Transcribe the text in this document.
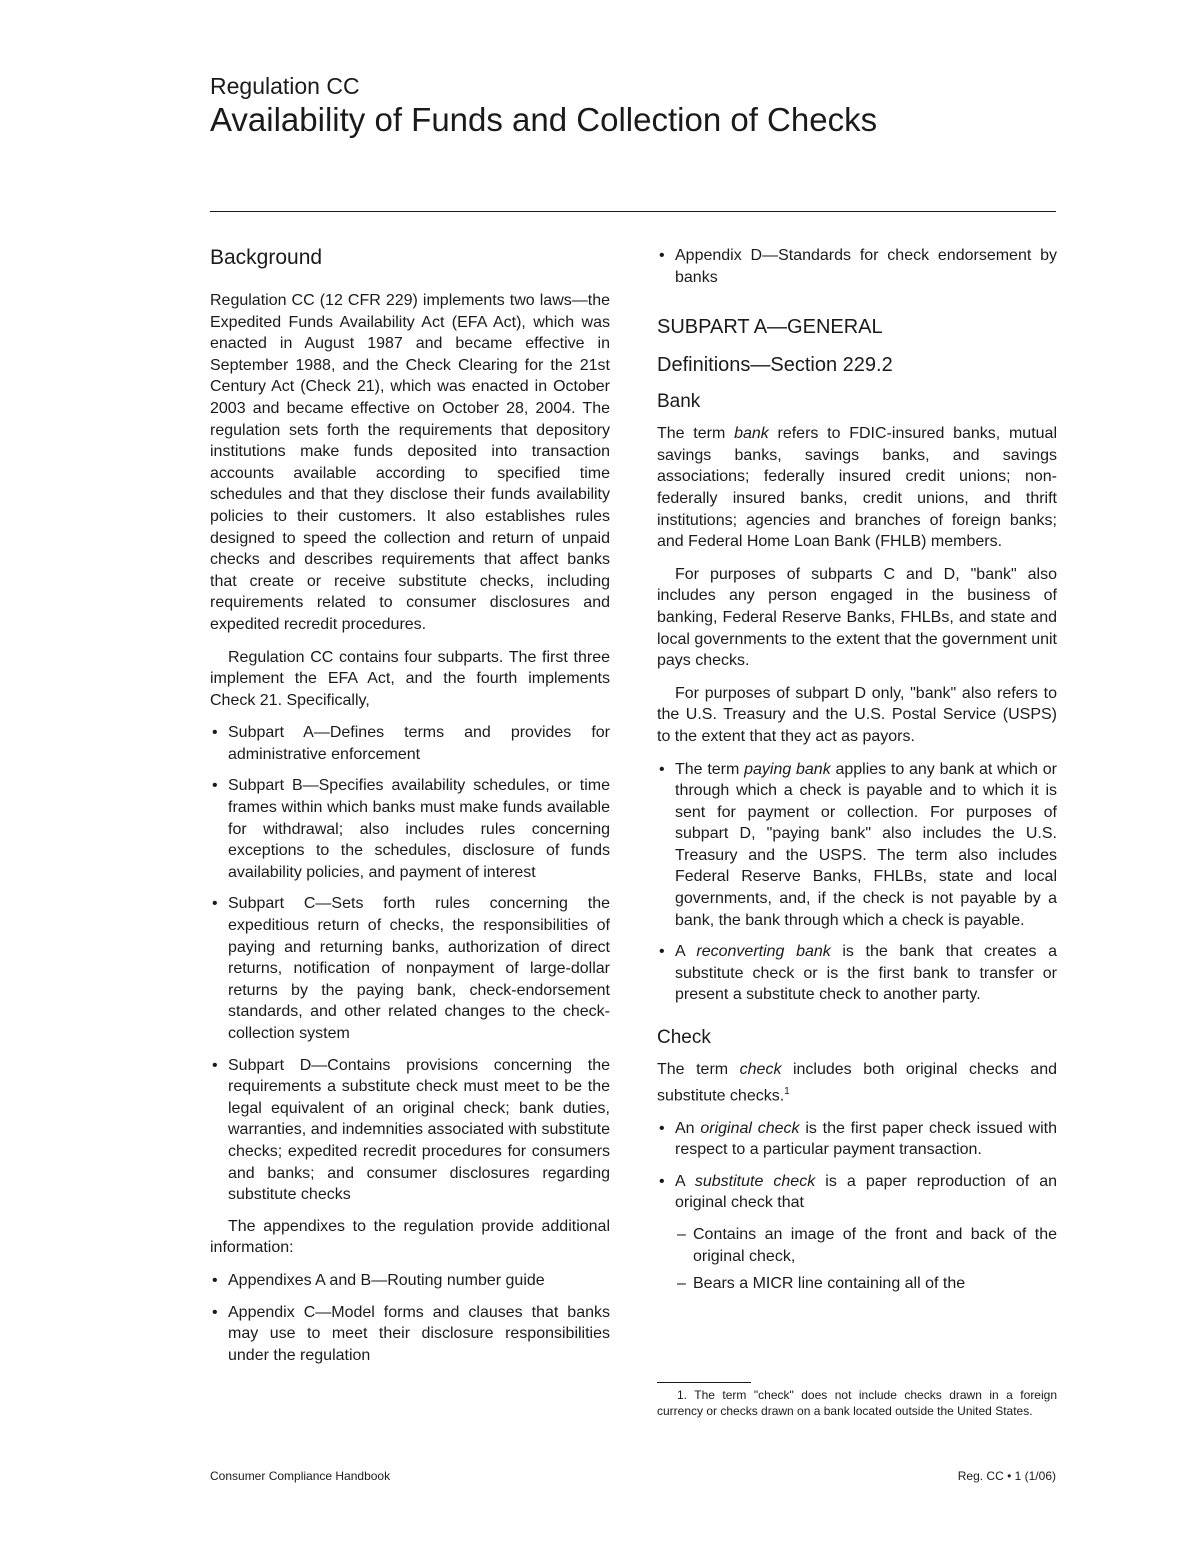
Regulation CC
Availability of Funds and Collection of Checks
Background

Regulation CC (12 CFR 229) implements two laws—the Expedited Funds Availability Act (EFA Act), which was enacted in August 1987 and became effective in September 1988, and the Check Clearing for the 21st Century Act (Check 21), which was enacted in October 2003 and became effective on October 28, 2004. The regulation sets forth the requirements that depository institutions make funds deposited into transaction accounts available according to specified time schedules and that they disclose their funds availability policies to their customers. It also establishes rules designed to speed the collection and return of unpaid checks and describes requirements that affect banks that create or receive substitute checks, including requirements related to consumer disclosures and expedited recredit procedures.

Regulation CC contains four subparts. The first three implement the EFA Act, and the fourth implements Check 21. Specifically,

• Subpart A—Defines terms and provides for administrative enforcement
• Subpart B—Specifies availability schedules, or time frames within which banks must make funds available for withdrawal; also includes rules concerning exceptions to the schedules, disclosure of funds availability policies, and payment of interest
• Subpart C—Sets forth rules concerning the expeditious return of checks, the responsibilities of paying and returning banks, authorization of direct returns, notification of nonpayment of large-dollar returns by the paying bank, check-endorsement standards, and other related changes to the check-collection system
• Subpart D—Contains provisions concerning the requirements a substitute check must meet to be the legal equivalent of an original check; bank duties, warranties, and indemnities associated with substitute checks; expedited recredit procedures for consumers and banks; and consumer disclosures regarding substitute checks

The appendixes to the regulation provide additional information:

• Appendixes A and B—Routing number guide
• Appendix C—Model forms and clauses that banks may use to meet their disclosure responsibilities under the regulation
• Appendix D—Standards for check endorsement by banks
SUBPART A—GENERAL
Definitions—Section 229.2
Bank

The term bank refers to FDIC-insured banks, mutual savings banks, savings banks, and savings associations; federally insured credit unions; non-federally insured banks, credit unions, and thrift institutions; agencies and branches of foreign banks; and Federal Home Loan Bank (FHLB) members.

For purposes of subparts C and D, "bank" also includes any person engaged in the business of banking, Federal Reserve Banks, FHLBs, and state and local governments to the extent that the government unit pays checks.

For purposes of subpart D only, "bank" also refers to the U.S. Treasury and the U.S. Postal Service (USPS) to the extent that they act as payors.

• The term paying bank applies to any bank at which or through which a check is payable and to which it is sent for payment or collection. For purposes of subpart D, "paying bank" also includes the U.S. Treasury and the USPS. The term also includes Federal Reserve Banks, FHLBs, state and local governments, and, if the check is not payable by a bank, the bank through which a check is payable.
• A reconverting bank is the bank that creates a substitute check or is the first bank to transfer or present a substitute check to another party.
Check

The term check includes both original checks and substitute checks.$^1$

• An original check is the first paper check issued with respect to a particular payment transaction.
• A substitute check is a paper reproduction of an original check that
– Contains an image of the front and back of the original check,
– Bears a MICR line containing all of the
1. The term "check" does not include checks drawn in a foreign currency or checks drawn on a bank located outside the United States.
Consumer Compliance Handbook	Reg. CC • 1 (1/06)
